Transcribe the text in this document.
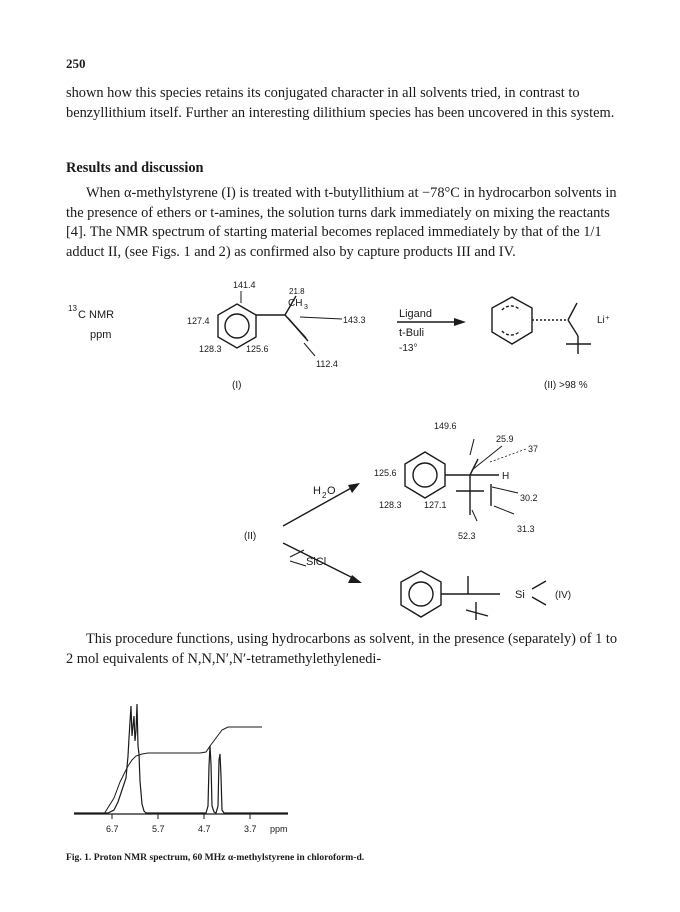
250

shown how this species retains its conjugated character in all solvents tried, in contrast to benzyllithium itself. Further an interesting dilithium species has been uncovered in this system.

Results and discussion

When α-methylstyrene (I) is treated with t-butyllithium at −78°C in hydrocarbon solvents in the presence of ethers or t-amines, the solution turns dark immediately on mixing the reactants [4]. The NMR spectrum of starting material becomes replaced immediately by that of the 1/1 adduct II, (see Figs. 1 and 2) as confirmed also by capture products III and IV.

13
C NMR
ppm
141.4
21.8
CH 3
127.4	143.3
128.3	125.6
112.4
(I)
Ligand
t-Buli
-13°
Li⁺
(II) >98 %
149.6
25.9
37
H
125.6
128.3 127.1
30.2
31.3
52.3
(II)
H 2 O
SiCl
Si	(IV)

This procedure functions, using hydrocarbons as solvent, in the presence (separately) of 1 to 2 mol equivalents of N,N,N′,N′-tetramethylethylenedi-

6.7	5.7	4.7	3.7 ppm
Fig. 1. Proton NMR spectrum, 60 MHz α-methylstyrene in chloroform-d.
